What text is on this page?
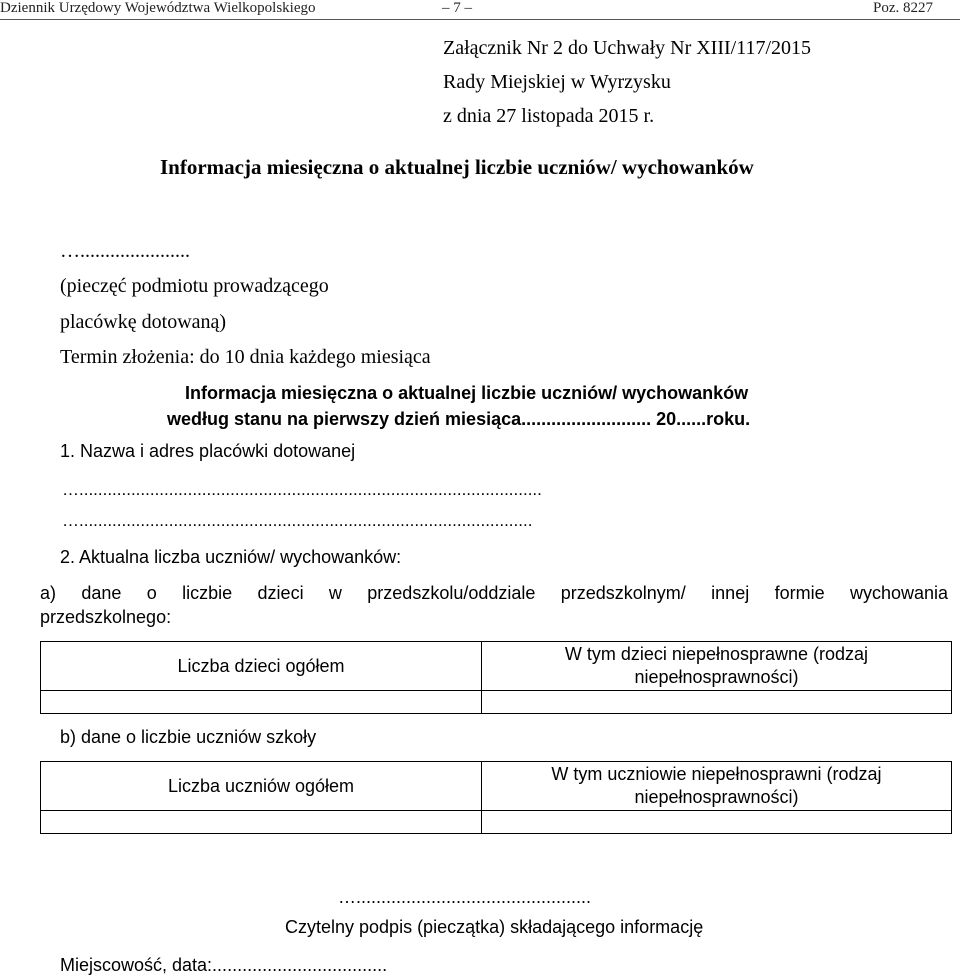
Dziennik Urzędowy Województwa Wielkopolskiego	– 7 –	Poz. 8227
Załącznik Nr 2 do Uchwały Nr XIII/117/2015
Rady Miejskiej w Wyrzysku
z dnia 27 listopada 2015 r.
Informacja miesięczna o aktualnej liczbie uczniów/ wychowanków
…......................
(pieczęć podmiotu prowadzącego
placówkę dotowaną)
Termin złożenia: do 10 dnia każdego miesiąca
Informacja miesięczna o aktualnej liczbie uczniów/ wychowanków
według stanu na pierwszy dzień miesiąca.......................... 20......roku.
1. Nazwa i adres placówki dotowanej
…..................................................................................................
…................................................................................................
2. Aktualna liczba uczniów/ wychowanków:
a) dane o liczbie dzieci w przedszkolu/oddziale przedszkolnym/ innej formie wychowania
przedszkolnego:
Liczba dzieci ogółem	W tym dzieci niepełnosprawne (rodzaj
niepełnosprawności)

b) dane o liczbie uczniów szkoły
Liczba uczniów ogółem	W tym uczniowie niepełnosprawni (rodzaj
niepełnosprawności)

…...............................................
Czytelny podpis (pieczątka) składającego informację
Miejscowość, data:...................................
